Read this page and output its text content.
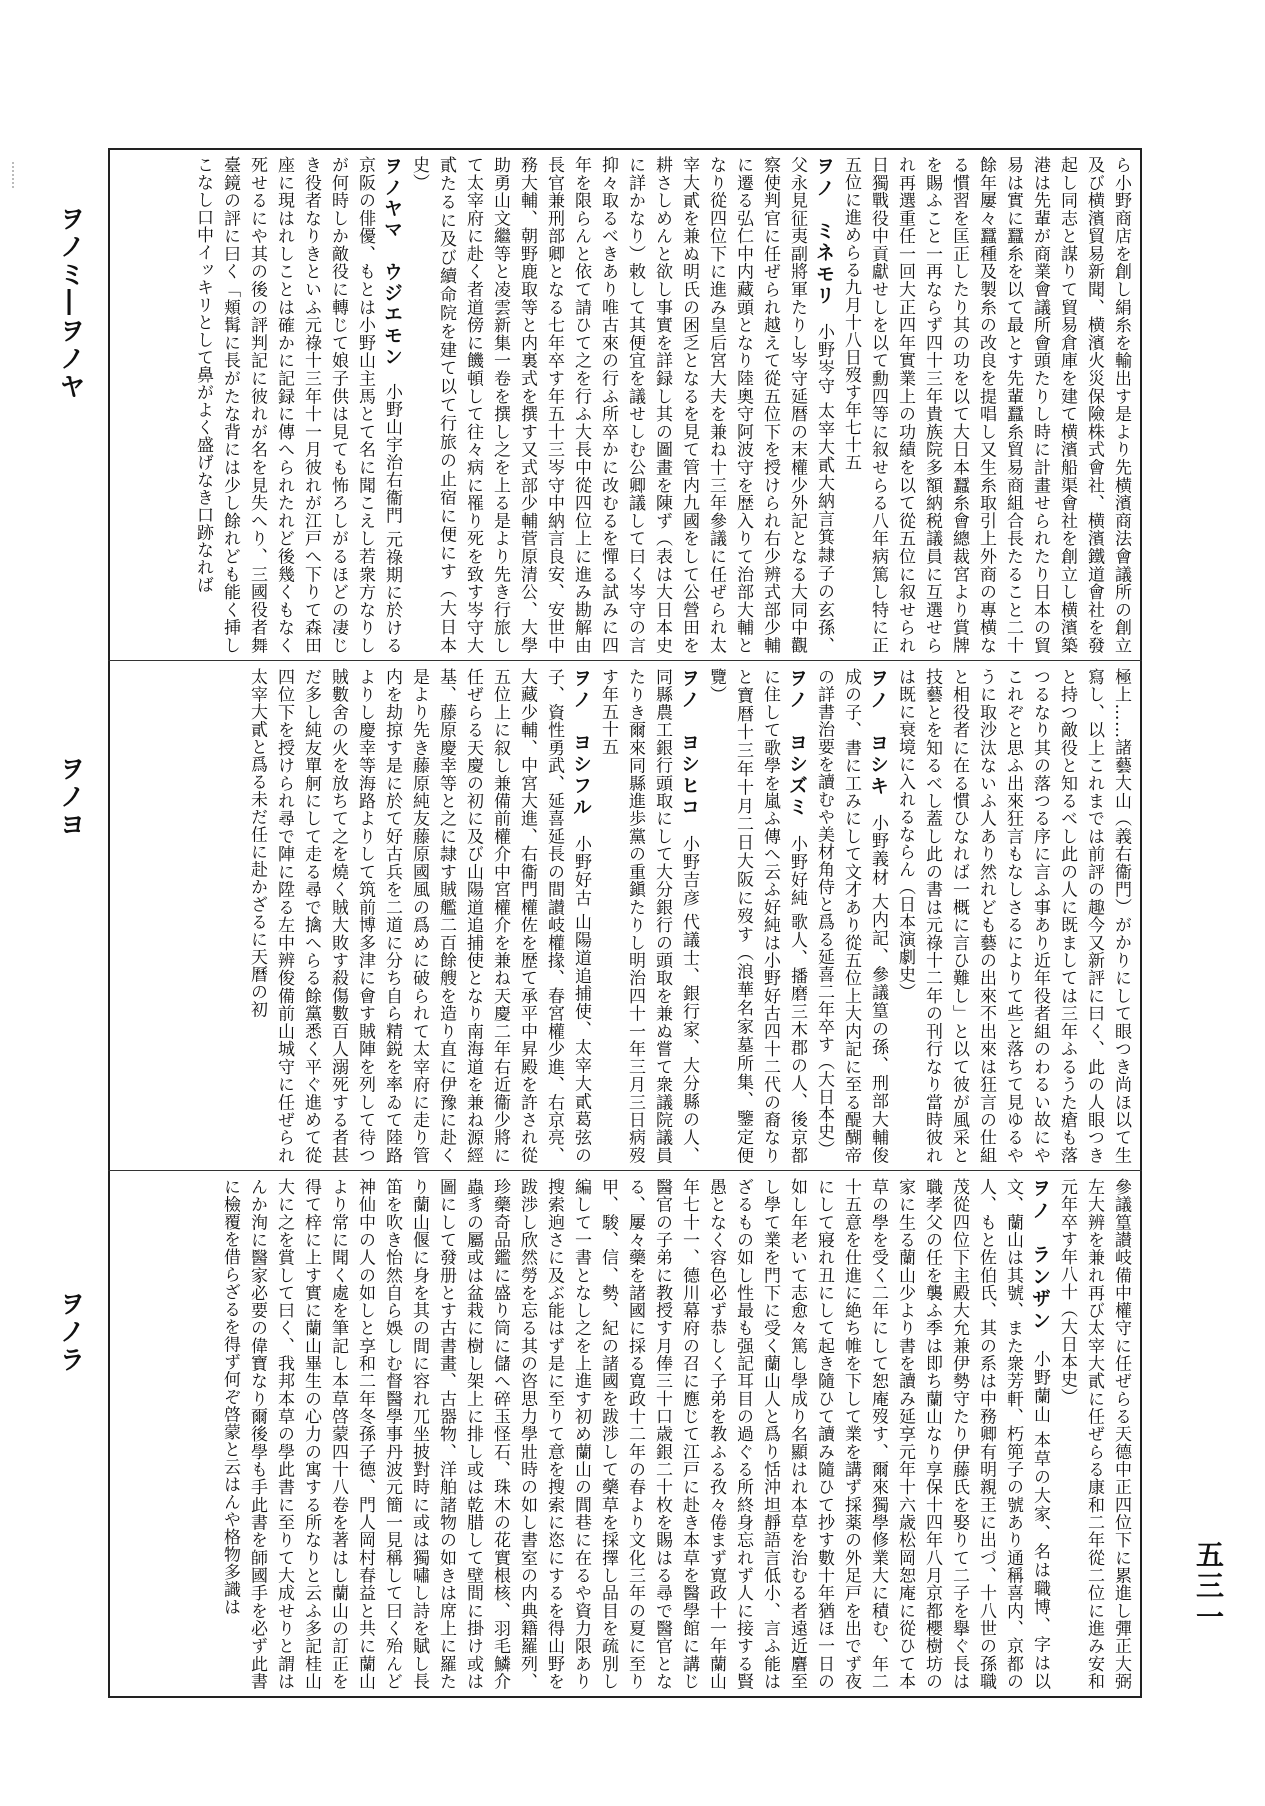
ヲノミ―ヲノヤ
ヲノヨ
ヲノラ
ら小野商店を創し絹糸を輸出す是より先横濱商法會議所の創立及び横濱貿易新聞、横濱火災保險株式會社、横濱鐵道會社を發起し同志と謀りて貿易倉庫を建て横濱船渠會社を創立し横濱築港は先輩が商業會議所會頭たりし時に計畫せられたり日本の貿易は實に蠶糸を以て最とす先輩蠶糸貿易商組合長たること二十餘年屢々蠶種及製糸の改良を提唱し又生糸取引上外商の專横なる慣習を匡正したり其の功を以て大日本蠶糸會總裁宮より賞牌を賜ふこと一再ならず四十三年貴族院多額納税議員に互選せられ再選重任一回大正四年實業上の功績を以て從五位に叙せられ日獨戰役中貢獻せしを以て勳四等に叙せらる八年病篤し特に正五位に進めらる九月十八日歿す年七十五
ヲノ　ミネモリ 小野岑守 太宰大貳大納言箕隷子の玄孫、父永見征夷副將軍たりし岑守延暦の末權少外記となる大同中觀察使判官に任ぜられ越えて從五位下を授けられ右少辨式部少輔に遷る弘仁中内藏頭となり陸奧守阿波守を歴入りて治部大輔となり從四位下に進み皇后宮大夫を兼ね十三年參議に任ぜられ太宰大貳を兼ぬ明氏の困乏となるを見て管内九國をして公營田を耕さしめんと欲し事實を詳録し其の圖畫を陳ず（表は大日本史に詳かなり）敕して其便宜を議せしむ公卿議して曰く岑守の言抑々取るべきあり唯古來の行ふ所卒かに改むるを憚る試みに四年を限らんと依て請ひて之を行ふ大長中從四位上に進み勘解由長官兼刑部卿となる七年卒す年五十三岑守中納言良安、安世中務大輔、朝野鹿取等と内裏式を撰す又式部少輔菅原清公、大學助勇山文繼等と凌雲新集一卷を撰し之を上る是より先き行旅して太宰府に赴く者道傍に饑頓して往々病に罹り死を致す岑守大貳たるに及び續命院を建て以て行旅の止宿に便にす（大日本史）
ヲノヤマ　ウジエモン 小野山宇治右衞門 元祿期に於ける京阪の俳優、もとは小野山主馬とて名に聞こえし若衆方なりしが何時しか敵役に轉じて娘子供は見ても怖ろしがるほどの凄じき役者なりきといふ元祿十三年十一月彼れが江戸へ下りて森田座に現はれしことは確かに記録に傳へられたれど後幾くもなく死せるにや其の後の評判記に彼れが名を見失へり、三國役者舞臺鏡の評に曰く「頬髯に長がたな背には少し餘れども能く挿しこなし口中イッキリとして鼻がよく盛げなき口跡なれば
極上……諸藝大山（義右衞門）がかりにして眼つき尚ほ以て生寫し、以上これまでは前評の趣今又新評に曰く、此の人眼つきと持つ敵役と知るべし此の人に既ましては三年ふるうた瘡も落つるなり其の落つる序に言ふ事あり近年役者組のわるい故にやこれぞと思ふ出來狂言もなしさるによりて些と落ちて見ゆるやうに取沙汰ないふ人あり然れども藝の出來不出來は狂言の仕組と相役者に在る慣ひなれば一概に言ひ難し」と以て彼が風采と技藝とを知るべし蓋し此の書は元祿十二年の刊行なり當時彼れは既に衰境に入れるならん（日本演劇史）
ヲノ　ヨシキ 小野義材 大内記、參議篁の孫、刑部大輔俊成の子、書に工みにして文才あり從五位上大内記に至る醍醐帝の詳書治要を讀むや美材角侍と爲る延喜二年卒す（大日本史）
ヲノ　ヨシズミ 小野好純 歌人、播磨三木郡の人、後京都に住して歌學を嵐ふ傳へ云ふ好純は小野好古四十二代の裔なりと寶暦十三年十月二日大阪に歿す（浪華名家墓所集、鑒定便覽）
ヲノ　ヨシヒコ 小野吉彦 代議士、銀行家、大分縣の人、同縣農工銀行頭取にして大分銀行の頭取を兼ぬ嘗て衆議院議員たりき爾來同縣進歩黨の重鎭たりし明治四十一年三月三日病歿す年五十五
ヲノ　ヨシフル 小野好古 山陽道追捕使、太宰大貳葛弦の子、資性勇武、延喜延長の間讃岐權掾、春宮權少進、右京亮、大藏少輔、中宮大進、右衞門權佐を歴て承平中昇殿を許され從五位上に叙し兼備前權介中宮權介を兼ね天慶二年右近衞少將に任ぜらる天慶の初に及び山陽道追捕使となり南海道を兼ね源經基、藤原慶幸等と之に隷す賊艦二百餘艘を造り直に伊豫に赴く是より先き藤原純友藤原國風の爲めに破られて太宰府に走り管内を劫掠す是に於て好古兵を二道に分ち自ら精鋭を率ゐて陸路よりし慶幸等海路よりして筑前博多津に會す賊陣を列して待つ賊數舍の火を放ちて之を燒く賊大敗す殺傷數百人溺死する者甚だ多し純友單舸にして走る尋で擒へらる餘黨悉く平ぐ進めて從四位下を授けられ尋で陣に陞る左中辨俊備前山城守に任ぜられ太宰大貳と爲る未だ任に赴かざるに天曆の初
參議篁讃岐備中權守に任ぜらる天德中正四位下に累進し彈正大弼左大辨を兼れ再び太宰大貳に任ぜらる康和二年從二位に進み安和元年卒す年八十（大日本史）
ヲノ　ランザン 小野蘭山 本草の大家、名は職博、字は以文、蘭山は其號、また衆芳軒、朽篼子の號あり通稱喜内、京都の人、もと佐伯氏、其の系は中務卿有明親王に出づ、十八世の孫職茂從四位下主殿大允兼伊勢守たり伊藤氏を娶りて二子を擧ぐ長は職孝父の任を襲ふ季は即ち蘭山なり享保十四年八月京都櫻樹坊の家に生る蘭山少より書を讀み延享元年十六歳松岡恕庵に從ひて本草の學を受く二年にして恕庵歿す、爾來獨學修業大に積む、年二十五意を仕進に絶ち帷を下して業を講ず採薬の外足戸を出でず夜にして寢れ丑にして起き隨ひて讀み隨ひて抄す數十年猶ほ一日の如し年老いて志愈々篤し學成り名顯はれ本草を治むる者遠近麏至し學て業を門下に受く蘭山人と爲り恬沖坦靜語言低小、言ふ能はざるもの如し性最も强記耳目の過ぐる所終身忘れず人に接する賢愚となく容色必ず恭しく子弟を教ふる孜々倦まず寛政十一年蘭山年七十一、德川幕府の召に應じて江戸に赴き本草を醫學館に講じ醫官の子弟に教授す月俸三十口歳銀二十枚を賜はる尋で醫官となる、屢々藥を諸國に採る寛政十二年の春より文化三年の夏に至り甲、駿、信、勢、紀の諸國を跋渉して藥草を採擇し品目を疏別し編して一書となし之を上進す初め蘭山の閭巷に在るや資力限あり搜索逈さに及ぶ能はず是に至りて意を搜索に恣にするを得山野を跋渉し欣然勞を忘る其の咨思力學壯時の如し書室の内典籍羅列、珍藥奇品鑑に盛り筒に儲へ碎玉怪石、珠木の花實根核、羽毛鱗介蟲豸の屬或は盆栽に樹し架上に排し或は乾腊して壁間に掛け或は圖にして發册とす古書畫、古器物、洋舶諸物の如きは席上に羅たり蘭山偃に身を其の間に容れ兀坐披對時に或は獨嘯し詩を賦し長笛を吹き怡然自ら娛しむ督醫學事丹波元簡一見稱して曰く殆んど神仙中の人の如しと享和二年冬孫子德、門人岡村春益と共に蘭山より常に聞く處を筆記し本草啓蒙四十八卷を著はし蘭山の訂正を得て梓に上す實に蘭山畢生の心力の寓する所なりと云ふ多記桂山大に之を賞して曰く、我邦本草の學此書に至りて大成せりと謂はんか洵に醫家必要の偉寶なり爾後學も手此書を師國手を必ず此書に檢覆を借らざるを得ず何ぞ啓蒙と云はんや格物多識は	五三一
